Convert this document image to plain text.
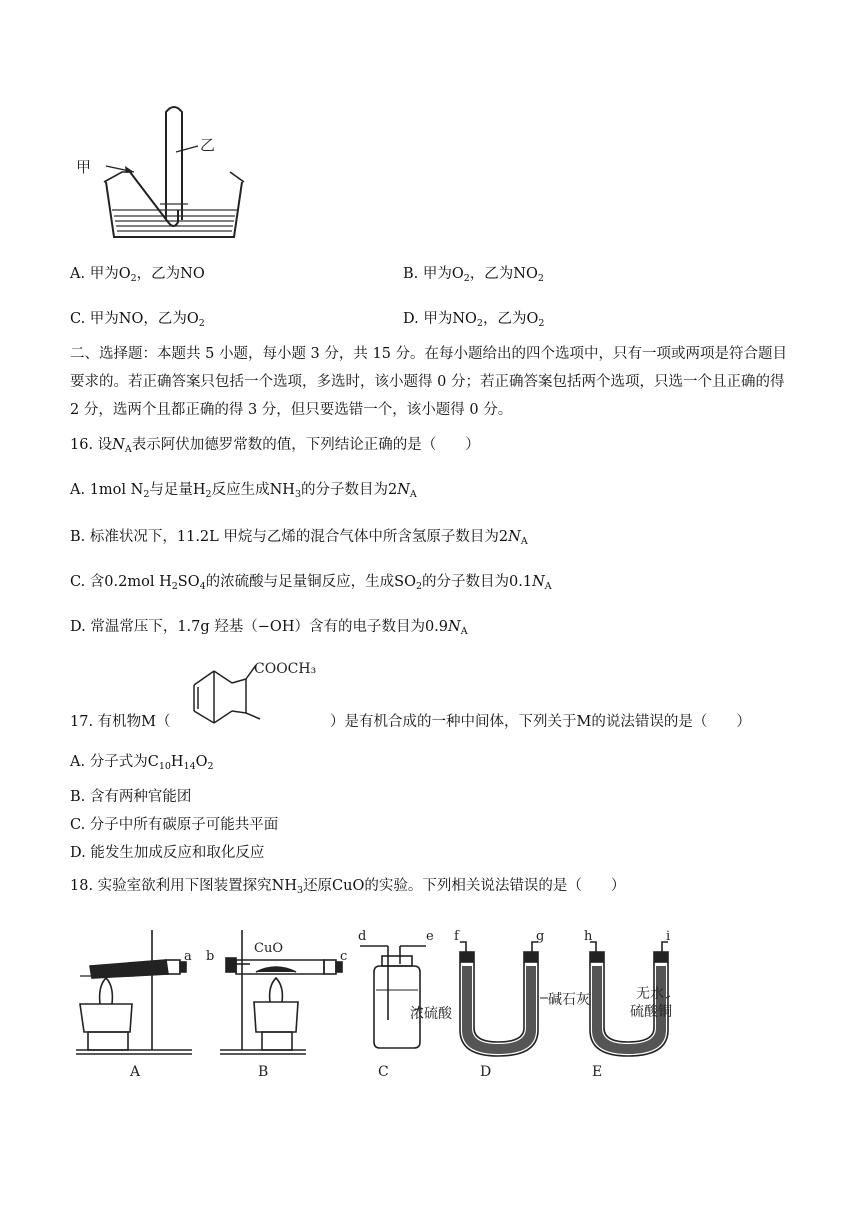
甲
乙
A. 甲为$O_2$，乙为NO	B. 甲为$O_2$，乙为$NO_2$
C. 甲为NO，乙为$O_2$	D. 甲为$NO_2$，乙为$O_2$
二、选择题：本题共 5 小题，每小题 3 分，共 15 分。在每小题给出的四个选项中，只有一项或两项是符合题目要求的。若正确答案只包括一个选项，多选时，该小题得 0 分；若正确答案包括两个选项，只选一个且正确的得 2 分，选两个且都正确的得 3 分，但只要选错一个，该小题得 0 分。
16. 设$N_A$表示阿伏加德罗常数的值，下列结论正确的是（　　）
A. 1mol $N_2$与足量$H_2$反应生成$NH_3$的分子数目为$2N_A$
B. 标准状况下，11.2L 甲烷与乙烯的混合气体中所含氢原子数目为$2N_A$
C. 含0.2mol $H_2SO_4$的浓硫酸与足量铜反应，生成$SO_2$的分子数目为$0.1N_A$
D. 常温常压下，1.7g 羟基（−OH）含有的电子数目为$0.9N_A$
COOCH₃
17. 有机物M（	）是有机合成的一种中间体，下列关于M的说法错误的是（　　）
A. 分子式为$C_{10}H_{14}O_2$
B. 含有两种官能团
C. 分子中所有碳原子可能共平面
D. 能发生加成反应和取化反应
18. 实验室欲利用下图装置探究$NH_3$还原CuO的实验。下列相关说法错误的是（　　）
a b
CuO
c
d	e
浓硫酸
f	g
碱石灰
h	i
无水
硫酸铜
A	B	C	D	E
